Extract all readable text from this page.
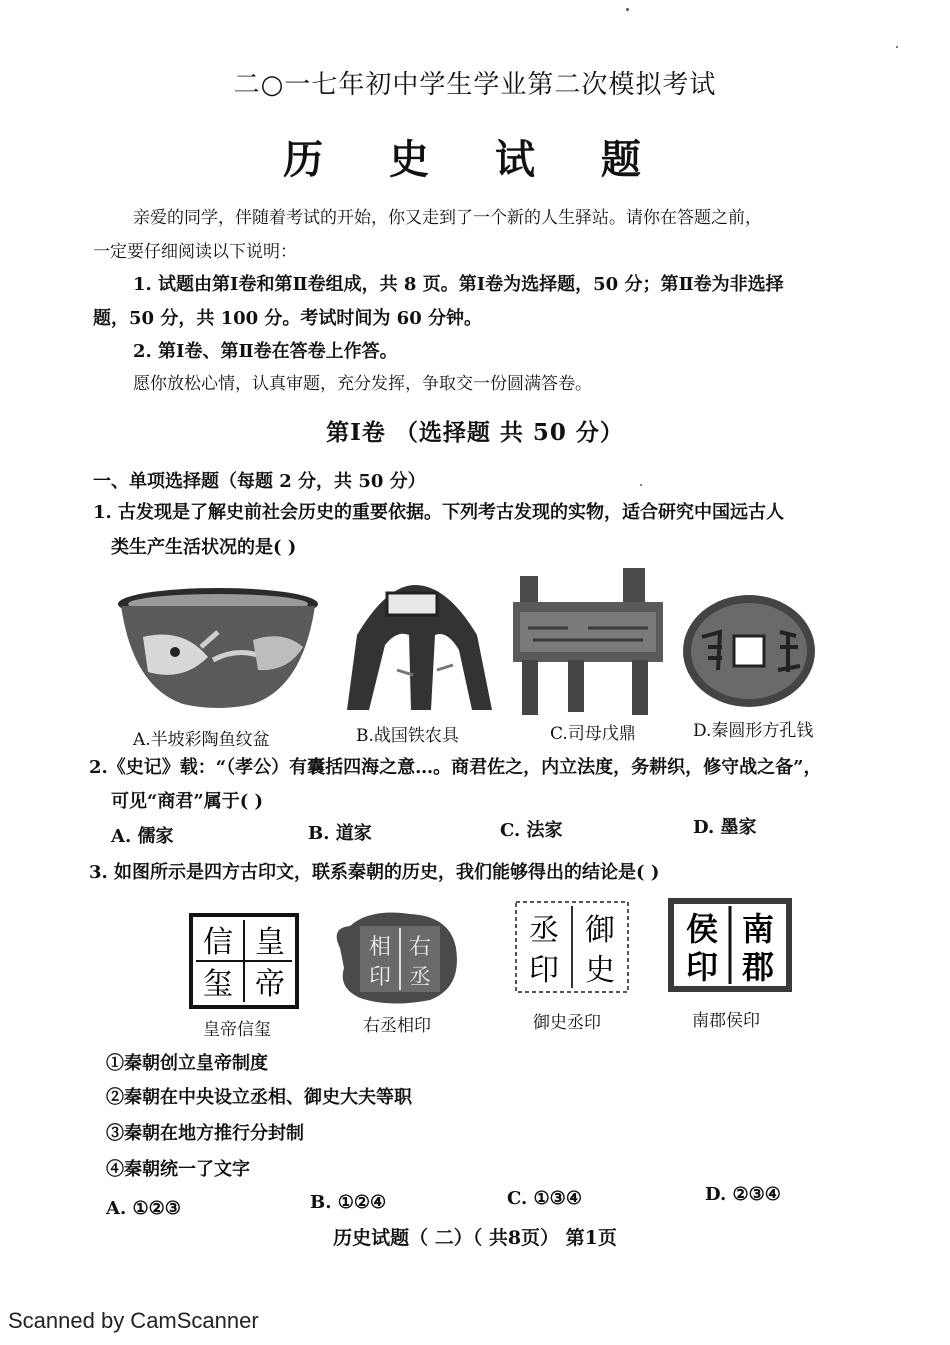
二○一七年初中学生学业第二次模拟考试
历 史 试 题
亲爱的同学，伴随着考试的开始，你又走到了一个新的人生驿站。请你在答题之前，
一定要仔细阅读以下说明：
1. 试题由第Ⅰ卷和第Ⅱ卷组成，共 8 页。第Ⅰ卷为选择题，50 分；第Ⅱ卷为非选择
题，50 分，共 100 分。考试时间为 60 分钟。
2. 第Ⅰ卷、第Ⅱ卷在答卷上作答。
愿你放松心情，认真审题，充分发挥，争取交一份圆满答卷。
第Ⅰ卷 （选择题 共 50 分）
一、单项选择题（每题 2 分，共 50 分）
1. 古发现是了解史前社会历史的重要依据。下列考古发现的实物，适合研究中国远古人
类生产生活状况的是( )
A.半坡彩陶鱼纹盆	B.战国铁农具	C.司母戊鼎	D.秦圆形方孔钱
2.《史记》载：“（孝公）有囊括四海之意…。商君佐之，内立法度，务耕织，修守战之备”，
可见“商君”属于( )
A. 儒家	B. 道家	C. 法家	D. 墨家
3. 如图所示是四方古印文，联系秦朝的历史，我们能够得出的结论是( )
皇
帝
信
玺
右
丞
相
印
御
史
丞
印
南
郡
侯
印
皇帝信玺	右丞相印	御史丞印	南郡侯印
①秦朝创立皇帝制度
②秦朝在中央设立丞相、御史大夫等职
③秦朝在地方推行分封制
④秦朝统一了文字
A. ①②③	B. ①②④	C. ①③④	D. ②③④
历史试题（ 二）（ 共8页） 第1页
Scanned by CamScanner
